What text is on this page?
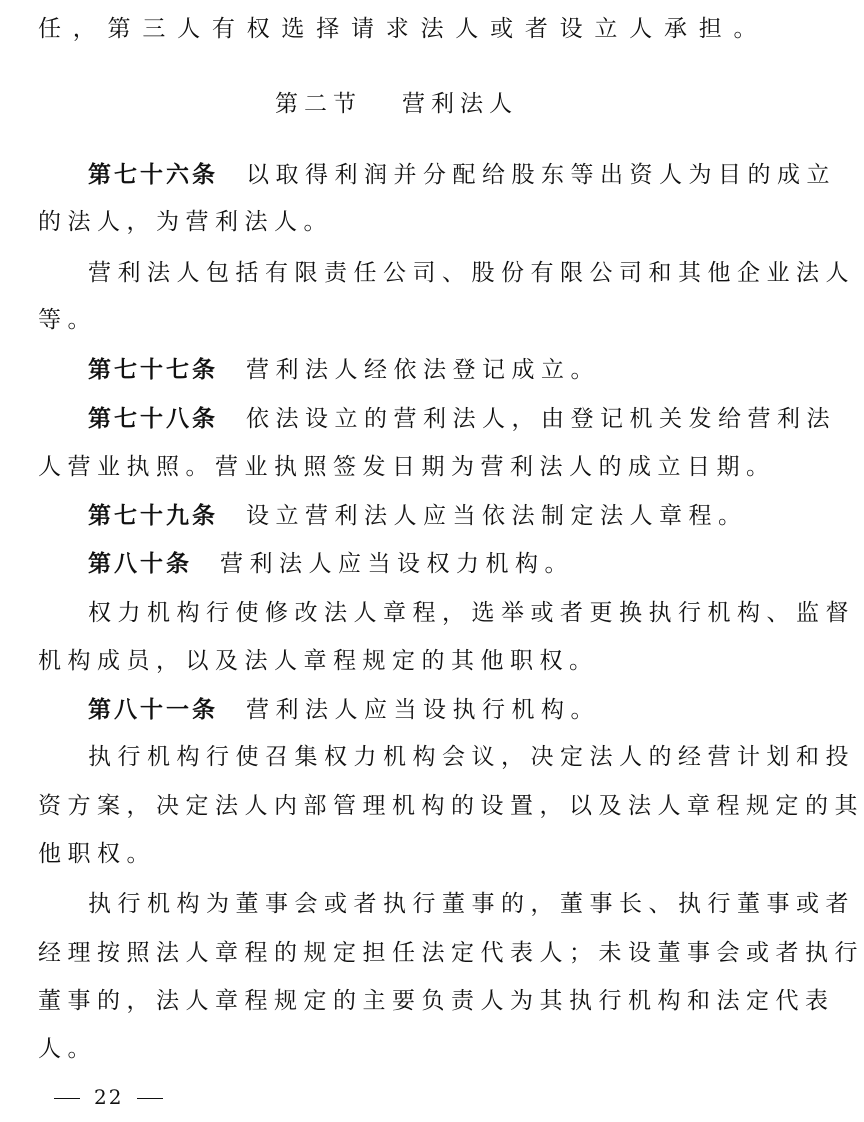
任，第三人有权选择请求法人或者设立人承担。
第二节 营利法人
第七十六条 以取得利润并分配给股东等出资人为目的成立
的法人，为营利法人。
营利法人包括有限责任公司、股份有限公司和其他企业法人
等。
第七十七条 营利法人经依法登记成立。
第七十八条 依法设立的营利法人，由登记机关发给营利法
人营业执照。营业执照签发日期为营利法人的成立日期。
第七十九条 设立营利法人应当依法制定法人章程。
第八十条 营利法人应当设权力机构。
权力机构行使修改法人章程，选举或者更换执行机构、监督
机构成员，以及法人章程规定的其他职权。
第八十一条 营利法人应当设执行机构。
执行机构行使召集权力机构会议，决定法人的经营计划和投
资方案，决定法人内部管理机构的设置，以及法人章程规定的其
他职权。
执行机构为董事会或者执行董事的，董事长、执行董事或者
经理按照法人章程的规定担任法定代表人；未设董事会或者执行
董事的，法人章程规定的主要负责人为其执行机构和法定代表
人。
22
